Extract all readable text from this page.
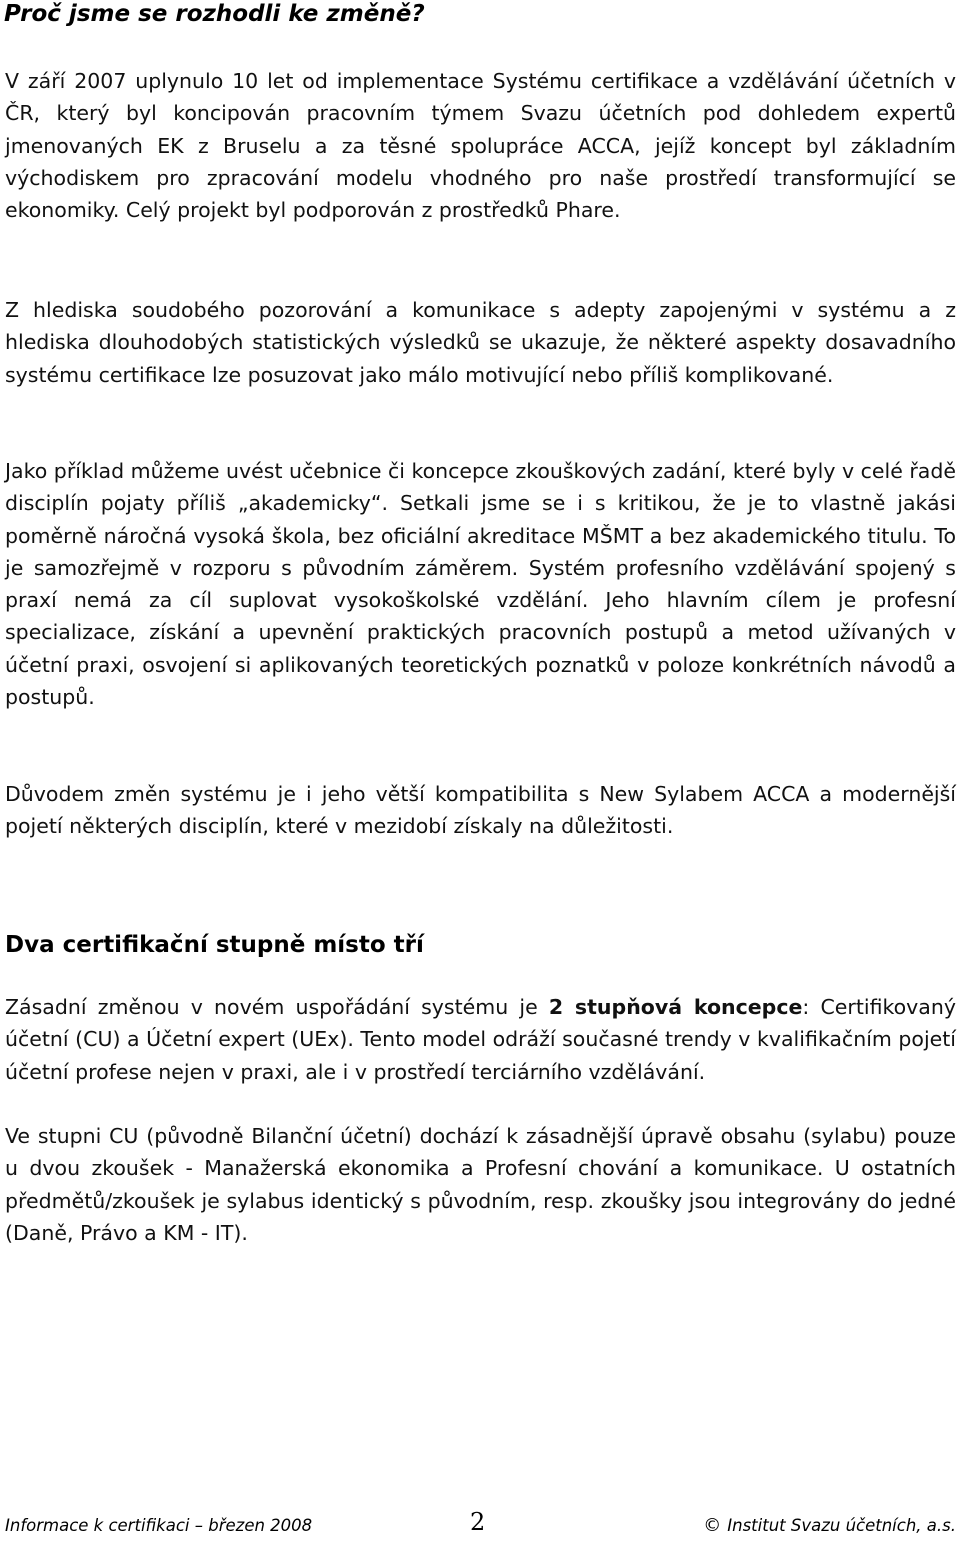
Proč jsme se rozhodli ke změně?

V září 2007 uplynulo 10 let od implementace Systému certifikace a vzdělávání účetních v ČR, který byl koncipován pracovním týmem Svazu účetních pod dohledem expertů jmenovaných EK z Bruselu a za těsné spolupráce ACCA, jejíž koncept byl základním východiskem pro zpracování modelu vhodného pro naše prostředí transformující se ekonomiky. Celý projekt byl podporován z prostředků Phare.

Z hlediska soudobého pozorování a komunikace s adepty zapojenými v systému a z hlediska dlouhodobých statistických výsledků se ukazuje, že některé aspekty dosavadního systému certifikace lze posuzovat jako málo motivující nebo příliš komplikované.

Jako příklad můžeme uvést učebnice či koncepce zkouškových zadání, které byly v celé řadě disciplín pojaty příliš „akademicky“. Setkali jsme se i s kritikou, že je to vlastně jakási poměrně náročná vysoká škola, bez oficiální akreditace MŠMT a bez akademického titulu. To je samozřejmě v rozporu s původním záměrem. Systém profesního vzdělávání spojený s praxí nemá za cíl suplovat vysokoškolské vzdělání. Jeho hlavním cílem je profesní specializace, získání a upevnění praktických pracovních postupů a metod užívaných v účetní praxi, osvojení si aplikovaných teoretických poznatků v poloze konkrétních návodů a postupů.

Důvodem změn systému je i jeho větší kompatibilita s New Sylabem ACCA a modernější pojetí některých disciplín, které v mezidobí získaly na důležitosti.

Dva certifikační stupně místo tří

Zásadní změnou v novém uspořádání systému je 2 stupňová koncepce: Certifikovaný účetní (CU) a Účetní expert (UEx). Tento model odráží současné trendy v kvalifikačním pojetí účetní profese nejen v praxi, ale i v prostředí terciárního vzdělávání.

Ve stupni CU (původně Bilanční účetní) dochází k zásadnější úpravě obsahu (sylabu) pouze u dvou zkoušek - Manažerská ekonomika a Profesní chování a komunikace. U ostatních předmětů/zkoušek je sylabus identický s původním, resp. zkoušky jsou integrovány do jedné (Daně, Právo a KM - IT).

Informace k certifikaci – březen 2008	2	© Institut Svazu účetních, a.s.
